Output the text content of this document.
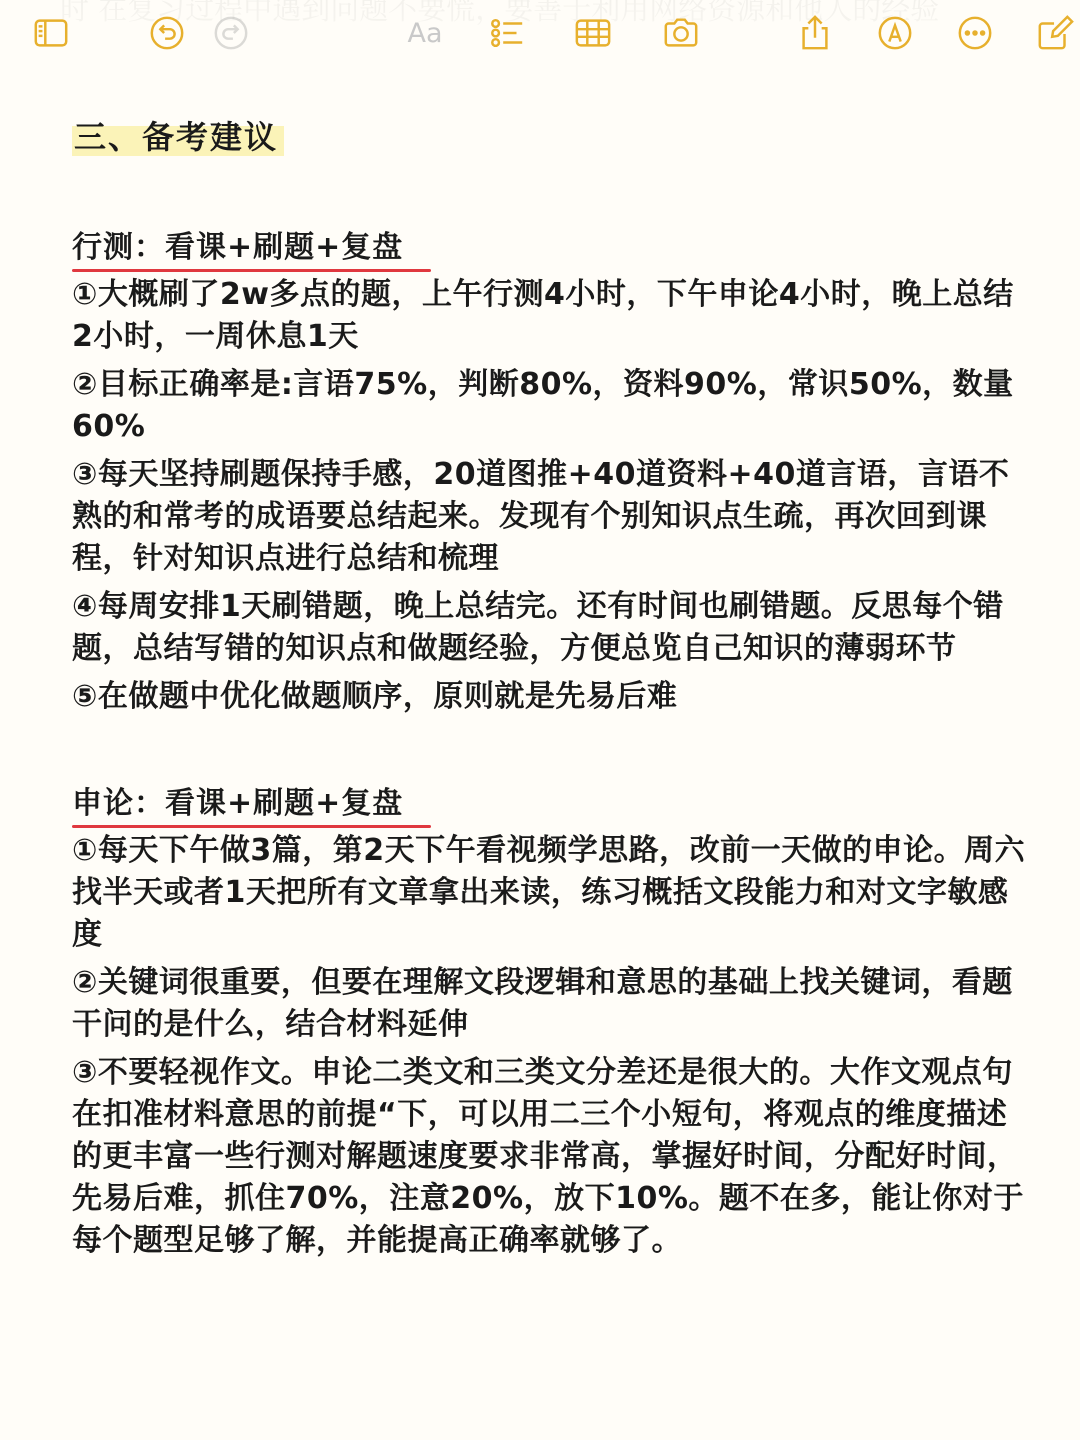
Aa
三、备考建议
行测：看课+刷题+复盘
①大概刷了2w多点的题，上午行测4小时，下午申论4小时，晚上总结2小时，一周休息1天
②目标正确率是:言语75%，判断80%，资料90%，常识50%，数量60%
③每天坚持刷题保持手感，20道图推+40道资料+40道言语，言语不熟的和常考的成语要总结起来。发现有个别知识点生疏，再次回到课程，针对知识点进行总结和梳理
④每周安排1天刷错题，晚上总结完。还有时间也刷错题。反思每个错题，总结写错的知识点和做题经验，方便总览自己知识的薄弱环节
⑤在做题中优化做题顺序，原则就是先易后难
申论：看课+刷题+复盘
①每天下午做3篇，第2天下午看视频学思路，改前一天做的申论。周六找半天或者1天把所有文章拿出来读，练习概括文段能力和对文字敏感度
②关键词很重要，但要在理解文段逻辑和意思的基础上找关键词，看题干问的是什么，结合材料延伸
③不要轻视作文。申论二类文和三类文分差还是很大的。大作文观点句在扣准材料意思的前提“下，可以用二三个小短句，将观点的维度描述的更丰富一些行测对解题速度要求非常高，掌握好时间，分配好时间，先易后难，抓住70%，注意20%，放下10%。题不在多，能让你对于每个题型足够了解，并能提高正确率就够了。
